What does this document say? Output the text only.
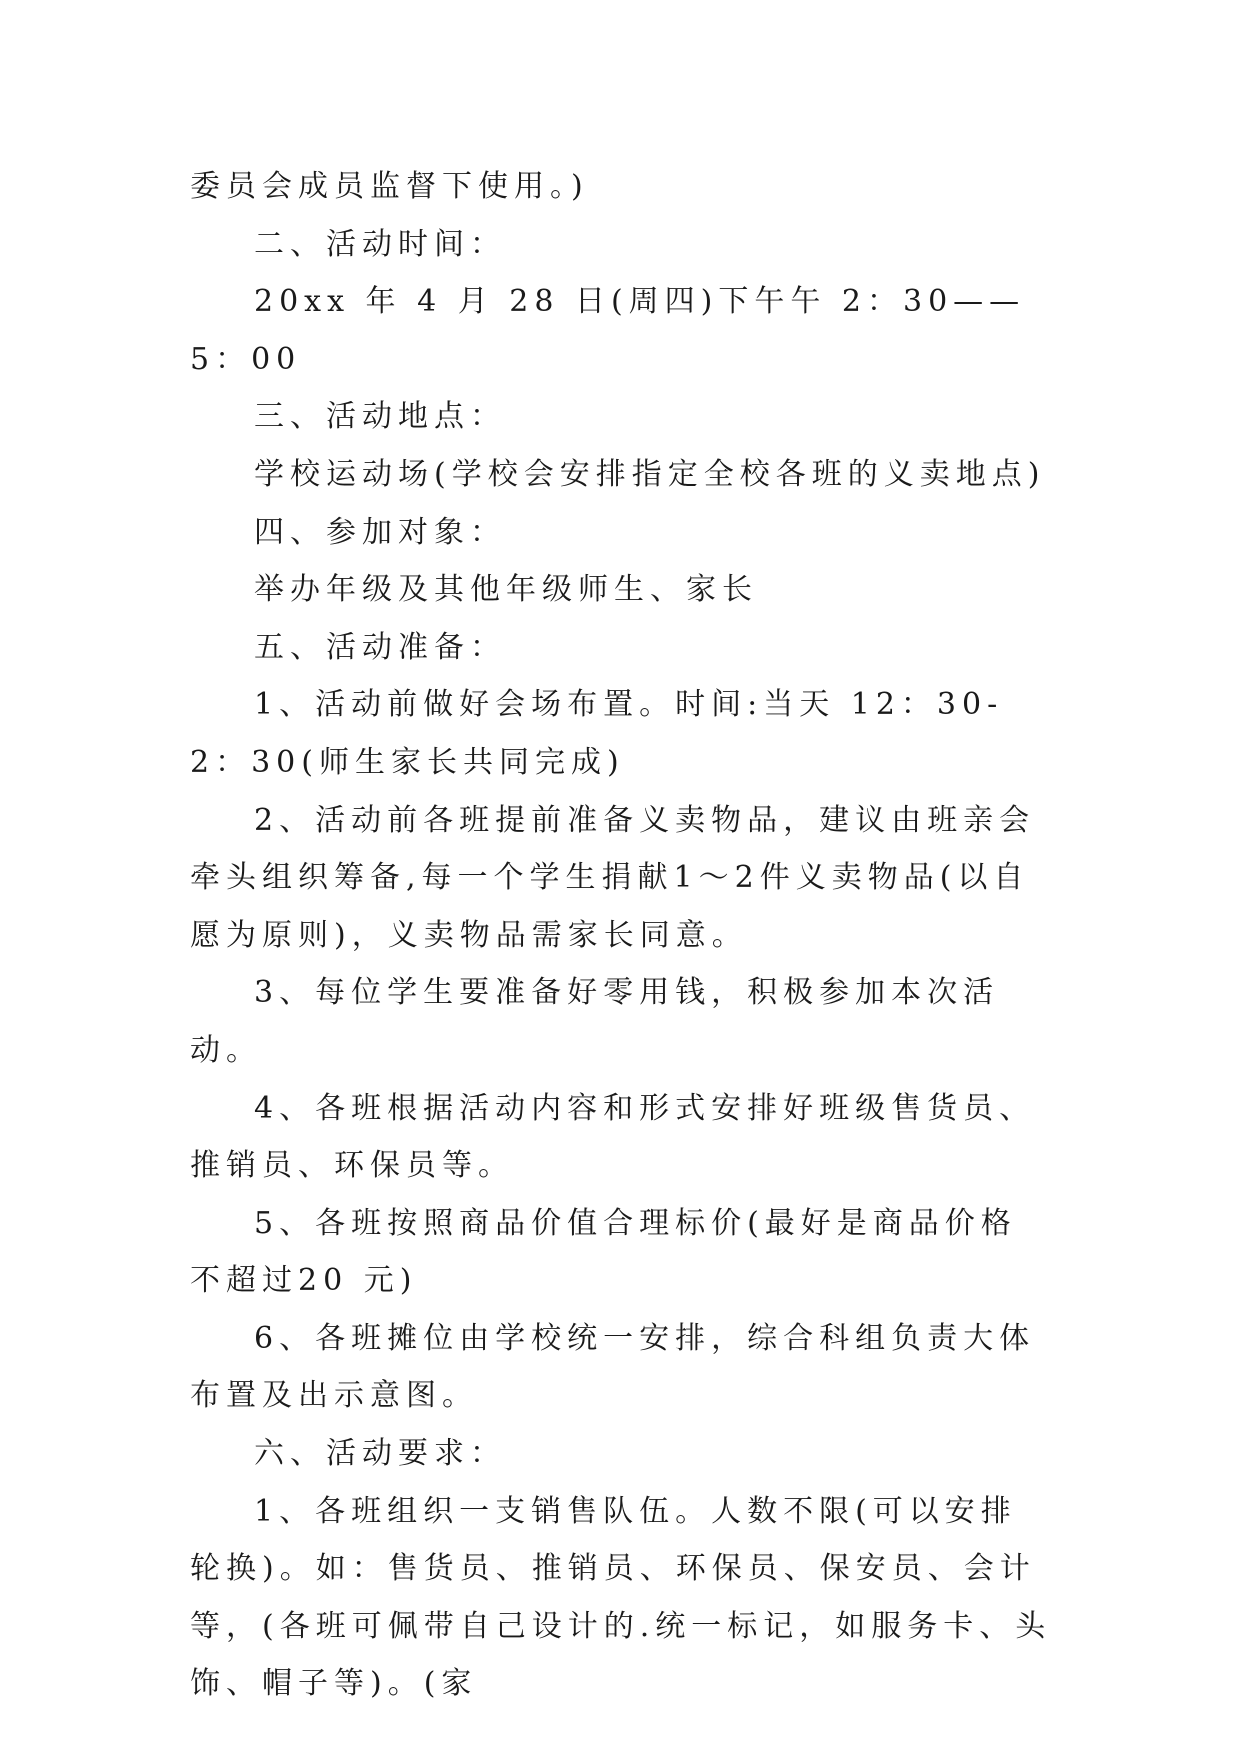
委员会成员监督下使用。)

二、活动时间：

20xx 年 4 月 28 日(周四)下午午 2：30——5：00

三、活动地点：

学校运动场(学校会安排指定全校各班的义卖地点)

四、参加对象：

举办年级及其他年级师生、家长

五、活动准备：

1、活动前做好会场布置。时间:当天 12：30-2：30(师生家长共同完成)

2、活动前各班提前准备义卖物品，建议由班亲会牵头组织筹备,每一个学生捐献1～2件义卖物品(以自愿为原则)，义卖物品需家长同意。

3、每位学生要准备好零用钱，积极参加本次活动。

4、各班根据活动内容和形式安排好班级售货员、推销员、环保员等。

5、各班按照商品价值合理标价(最好是商品价格不超过20 元)

6、各班摊位由学校统一安排，综合科组负责大体布置及出示意图。

六、活动要求：

1、各班组织一支销售队伍。人数不限(可以安排轮换)。如：售货员、推销员、环保员、保安员、会计等，(各班可佩带自己设计的.统一标记，如服务卡、头饰、帽子等)。(家
